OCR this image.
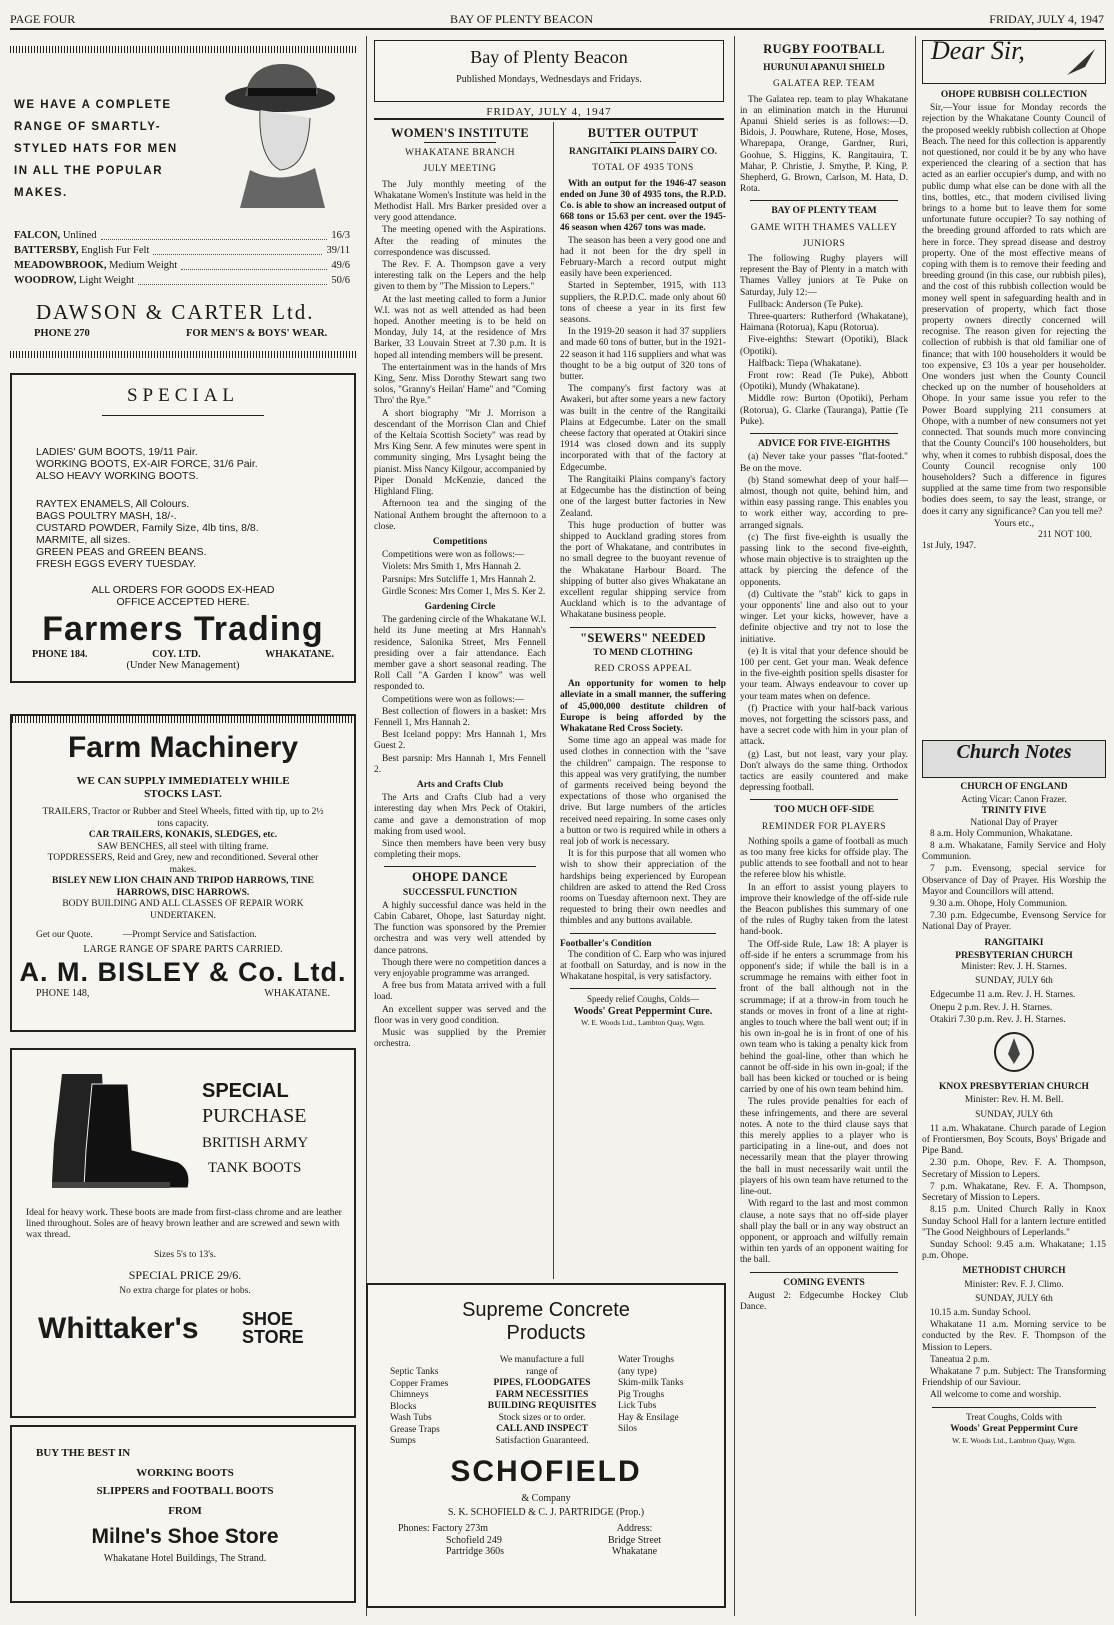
PAGE FOUR	BAY OF PLENTY BEACON	FRIDAY, JULY 4, 1947
WE HAVE A COMPLETE
RANGE OF SMARTLY-
STYLED HATS FOR MEN
IN ALL THE POPULAR
MAKES.
FALCON, Unlined	16/3
BATTERSBY, English Fur Felt	39/11
MEADOWBROOK, Medium Weight	49/6
WOODROW, Light Weight	50/6
DAWSON & CARTER Ltd.
PHONE 270	FOR MEN'S & BOYS' WEAR.
SPECIAL
LADIES' GUM BOOTS, 19/11 Pair.
WORKING BOOTS, EX-AIR FORCE, 31/6 Pair.
ALSO HEAVY WORKING BOOTS.
RAYTEX ENAMELS, All Colours.
BAGS POULTRY MASH, 18/-.
CUSTARD POWDER, Family Size, 4lb tins, 8/8.
MARMITE, all sizes.
GREEN PEAS and GREEN BEANS.
FRESH EGGS EVERY TUESDAY.
ALL ORDERS FOR GOODS EX-HEAD OFFICE ACCEPTED HERE.
Farmers Trading
PHONE 184.	COY. LTD.	WHAKATANE.
(Under New Management)
Farm Machinery
WE CAN SUPPLY IMMEDIATELY WHILE STOCKS LAST.
TRAILERS, Tractor or Rubber and Steel Wheels, fitted with tip, up to 2½ tons capacity.
CAR TRAILERS, KONAKIS, SLEDGES, etc.
SAW BENCHES, all steel with tilting frame.
TOPDRESSERS, Reid and Grey, new and reconditioned. Several other makes.
BISLEY NEW LION CHAIN AND TRIPOD HARROWS, TINE HARROWS, DISC HARROWS.
BODY BUILDING AND ALL CLASSES OF REPAIR WORK UNDERTAKEN.
Get our Quote.	—Prompt Service and Satisfaction.
LARGE RANGE OF SPARE PARTS CARRIED.
A. M. BISLEY & Co. Ltd.
PHONE 148,	WHAKATANE.
SPECIAL
PURCHASE
BRITISH ARMY
TANK BOOTS
Ideal for heavy work. These boots are made from first-class chrome and are leather lined throughout. Soles are of heavy brown leather and are screwed and sewn with wax thread.
Sizes 5's to 13's.
SPECIAL PRICE 29/6.
No extra charge for plates or hobs.
Whittaker's SHOE
STORE
BUY THE BEST IN
WORKING BOOTS
SLIPPERS and FOOTBALL BOOTS
FROM
Milne's Shoe Store
Whakatane Hotel Buildings, The Strand.
Bay of Plenty Beacon
Published Mondays, Wednesdays and Fridays.
FRIDAY, JULY 4, 1947
WOMEN'S INSTITUTE
WHAKATANE BRANCH
JULY MEETING

The July monthly meeting of the Whakatane Women's Institute was held in the Methodist Hall. Mrs Barker presided over a very good attendance.

The meeting opened with the Aspirations. After the reading of minutes the correspondence was discussed.

The Rev. F. A. Thompson gave a very interesting talk on the Lepers and the help given to them by "The Mission to Lepers."

At the last meeting called to form a Junior W.I. was not as well attended as had been hoped. Another meeting is to be held on Monday, July 14, at the residence of Mrs Barker, 33 Louvain Street at 7.30 p.m. It is hoped all intending members will be present.

The entertainment was in the hands of Mrs King, Senr. Miss Dorothy Stewart sang two solos, "Granny's Heilan' Hame" and "Coming Thro' the Rye."

A short biography "Mr J. Morrison a descendant of the Morrison Clan and Chief of the Keltaia Scottish Society" was read by Mrs King Senr. A few minutes were spent in community singing, Mrs Lysaght being the pianist. Miss Nancy Kilgour, accompanied by Piper Donald McKenzie, danced the Highland Fling.

Afternoon tea and the singing of the National Anthem brought the afternoon to a close.

Competitions

Competitions were won as follows:—

Violets: Mrs Smith 1, Mrs Hannah 2.

Parsnips: Mrs Sutcliffe 1, Mrs Hannah 2.

Girdle Scones: Mrs Comer 1, Mrs S. Ker 2.

Gardening Circle

The gardening circle of the Whakatane W.I. held its June meeting at Mrs Hannah's residence, Salonika Street, Mrs Fennell presiding over a fair attendance. Each member gave a short seasonal reading. The Roll Call "A Garden I know" was well responded to.

Competitions were won as follows:—

Best collection of flowers in a basket: Mrs Fennell 1, Mrs Hannah 2.

Best Iceland poppy: Mrs Hannah 1, Mrs Guest 2.

Best parsnip: Mrs Hannah 1, Mrs Fennell 2.

Arts and Crafts Club

The Arts and Crafts Club had a very interesting day when Mrs Peck of Otakiri, came and gave a demonstration of mop making from used wool.

Since then members have been very busy completing their mops.

OHOPE DANCE
SUCCESSFUL FUNCTION

A highly successful dance was held in the Cabin Cabaret, Ohope, last Saturday night. The function was sponsored by the Premier orchestra and was very well attended by dance patrons.

Though there were no competition dances a very enjoyable programme was arranged.

A free bus from Matata arrived with a full load.

An excellent supper was served and the floor was in very good condition.

Music was supplied by the Premier orchestra.

BUTTER OUTPUT
RANGITAIKI PLAINS DAIRY CO.
TOTAL OF 4935 TONS

With an output for the 1946-47 season ended on June 30 of 4935 tons, the R.P.D. Co. is able to show an increased output of 668 tons or 15.63 per cent. over the 1945-46 season when 4267 tons was made.

The season has been a very good one and had it not been for the dry spell in February-March a record output might easily have been experienced.

Started in September, 1915, with 113 suppliers, the R.P.D.C. made only about 60 tons of cheese a year in its first few seasons.

In the 1919-20 season it had 37 suppliers and made 60 tons of butter, but in the 1921-22 season it had 116 suppliers and what was thought to be a big output of 320 tons of butter.

The company's first factory was at Awakeri, but after some years a new factory was built in the centre of the Rangitaiki Plains at Edgecumbe. Later on the small cheese factory that operated at Otakiri since 1914 was closed down and its supply incorporated with that of the factory at Edgecumbe.

The Rangitaiki Plains company's factory at Edgecumbe has the distinction of being one of the largest butter factories in New Zealand.

This huge production of butter was shipped to Auckland grading stores from the port of Whakatane, and contributes in no small degree to the buoyant revenue of the Whakatane Harbour Board. The shipping of butter also gives Whakatane an excellent regular shipping service from Auckland which is to the advantage of Whakatane business people.

"SEWERS" NEEDED
TO MEND CLOTHING
RED CROSS APPEAL

An opportunity for women to help alleviate in a small manner, the suffering of 45,000,000 destitute children of Europe is being afforded by the Whakatane Red Cross Society.

Some time ago an appeal was made for used clothes in connection with the "save the children" campaign. The response to this appeal was very gratifying, the number of garments received being beyond the expectations of those who organised the drive. But large numbers of the articles received need repairing. In some cases only a button or two is required while in others a real job of work is necessary.

It is for this purpose that all women who wish to show their appreciation of the hardships being experienced by European children are asked to attend the Red Cross rooms on Tuesday afternoon next. They are requested to bring their own needles and thimbles and any buttons available.

Footballer's Condition

The condition of C. Earp who was injured at football on Saturday, and is now in the Whakatane hospital, is very satisfactory.

Speedy relief Coughs, Colds—
Woods' Great Peppermint Cure.
W. E. Woods Ltd., Lambton Quay, Wgtn.
Supreme Concrete
Products
Septic Tanks
Copper Frames
Chimneys
Blocks
Wash Tubs
Grease Traps
Sumps
We manufacture a full
range of
PIPES, FLOODGATES
FARM NECESSITIES
BUILDING REQUISITES
Stock sizes or to order.
CALL AND INSPECT
Satisfaction Guaranteed.
Water Troughs
(any type)
Skim-milk Tanks
Pig Troughs
Lick Tubs
Hay & Ensilage
Silos
SCHOFIELD
& Company
S. K. SCHOFIELD & C. J. PARTRIDGE (Prop.)
Phones: Factory 273m
Schofield 249
Partridge 360s
Address:
Bridge Street
Whakatane
RUGBY FOOTBALL
HURUNUI APANUI SHIELD
GALATEA REP. TEAM

The Galatea rep. team to play Whakatane in an elimination match in the Hurunui Apanui Shield series is as follows:—D. Bidois, J. Pouwhare, Rutene, Hose, Moses, Wharepapa, Orange, Gardner, Ruri, Goohue, S. Higgins, K. Rangitauira, T. Mahar, P. Christie, J. Smythe, P. King, P. Shepherd, G. Brown, Carlson, M. Hata, D. Rota.

BAY OF PLENTY TEAM
GAME WITH THAMES VALLEY
JUNIORS

The following Rugby players will represent the Bay of Plenty in a match with Thames Valley juniors at Te Puke on Saturday, July 12:—

Fullback: Anderson (Te Puke).

Three-quarters: Rutherford (Whakatane), Haimana (Rotorua), Kapu (Rotorua).

Five-eighths: Stewart (Opotiki), Black (Opotiki).

Halfback: Tiepa (Whakatane).

Front row: Read (Te Puke), Abbott (Opotiki), Mundy (Whakatane).

Middle row: Burton (Opotiki), Perham (Rotorua), G. Clarke (Tauranga), Pattie (Te Puke).

ADVICE FOR FIVE-EIGHTHS

(a) Never take your passes "flat-footed." Be on the move.

(b) Stand somewhat deep of your half—almost, though not quite, behind him, and within easy passing range. This enables you to work either way, according to pre-arranged signals.

(c) The first five-eighth is usually the passing link to the second five-eighth, whose main objective is to straighten up the attack by piercing the defence of the opponents.

(d) Cultivate the "stab" kick to gaps in your opponents' line and also out to your winger. Let your kicks, however, have a definite objective and try not to lose the initiative.

(e) It is vital that your defence should be 100 per cent. Get your man. Weak defence in the five-eighth position spells disaster for your team. Always endeavour to cover up your team mates when on defence.

(f) Practice with your half-back various moves, not forgetting the scissors pass, and have a secret code with him in your plan of attack.

(g) Last, but not least, vary your play. Don't always do the same thing. Orthodox tactics are easily countered and make depressing football.

TOO MUCH OFF-SIDE
REMINDER FOR PLAYERS

Nothing spoils a game of football as much as too many free kicks for offside play. The public attends to see football and not to hear the referee blow his whistle.

In an effort to assist young players to improve their knowledge of the off-side rule the Beacon publishes this summary of one of the rules of Rugby taken from the latest hand-book.

The Off-side Rule, Law 18: A player is off-side if he enters a scrummage from his opponent's side; if while the ball is in a scrummage he remains with either foot in front of the ball although not in the scrummage; if at a throw-in from touch he stands or moves in front of a line at right-angles to touch where the ball went out; if in his own in-goal he is in front of one of his own team who is taking a penalty kick from behind the goal-line, other than which he cannot be off-side in his own in-goal; if the ball has been kicked or touched or is being carried by one of his own team behind him.

The rules provide penalties for each of these infringements, and there are several notes. A note to the third clause says that this merely applies to a player who is participating in a line-out, and does not necessarily mean that the player throwing the ball in must necessarily wait until the players of his own team have returned to the line-out.

With regard to the last and most common clause, a note says that no off-side player shall play the ball or in any way obstruct an opponent, or approach and wilfully remain within ten yards of an opponent waiting for the ball.

COMING EVENTS

August 2: Edgecumbe Hockey Club Dance.

Dear Sir,
OHOPE RUBBISH COLLECTION

Sir,—Your issue for Monday records the rejection by the Whakatane County Council of the proposed weekly rubbish collection at Ohope Beach. The need for this collection is apparently not questioned, nor could it be by any who have experienced the clearing of a section that has acted as an earlier occupier's dump, and with no public dump what else can be done with all the tins, bottles, etc., that modern civilised living brings to a home but to leave them for some unfortunate future occupier? To say nothing of the breeding ground afforded to rats which are here in force. They spread disease and destroy property. One of the most effective means of coping with them is to remove their feeding and breeding ground (in this case, our rubbish piles), and the cost of this rubbish collection would be money well spent in safeguarding health and in preservation of property, which fact those property owners directly concerned will recognise. The reason given for rejecting the collection of rubbish is that old familiar one of finance; that with 100 householders it would be too expensive, £3 10s a year per householder. One wonders just when the County Council checked up on the number of householders at Ohope. In your same issue you refer to the Power Board supplying 211 consumers at Ohope, with a number of new consumers not yet connected. That sounds much more convincing that the County Council's 100 householders, but why, when it comes to rubbish disposal, does the County Council recognise only 100 householders? Such a difference in figures supplied at the same time from two responsible bodies does seem, to say the least, strange, or does it carry any significance? Can you tell me?

Yours etc.,
211 NOT 100.
1st July, 1947.
Church Notes
CHURCH OF ENGLAND
Acting Vicar: Canon Frazer.
TRINITY FIVE
National Day of Prayer

8 a.m. Holy Communion, Whakatane.

8 a.m. Whakatane, Family Service and Holy Communion.

7 p.m. Evensong, special service for Observance of Day of Prayer. His Worship the Mayor and Councillors will attend.

9.30 a.m. Ohope, Holy Communion.

7.30 p.m. Edgecumbe, Evensong Service for National Day of Prayer.

RANGITAIKI
PRESBYTERIAN CHURCH
Minister: Rev. J. H. Starnes.
SUNDAY, JULY 6th

Edgecumbe 11 a.m. Rev. J. H. Starnes.

Onepu 2 p.m. Rev. J. H. Starnes.

Otakiri 7.30 p.m. Rev. J. H. Starnes.

KNOX PRESBYTERIAN CHURCH
Minister: Rev. H. M. Bell.
SUNDAY, JULY 6th

11 a.m. Whakatane. Church parade of Legion of Frontiersmen, Boy Scouts, Boys' Brigade and Pipe Band.

2.30 p.m. Ohope, Rev. F. A. Thompson, Secretary of Mission to Lepers.

7 p.m. Whakatane, Rev. F. A. Thompson, Secretary of Mission to Lepers.

8.15 p.m. United Church Rally in Knox Sunday School Hall for a lantern lecture entitled "The Good Neighbours of Leperlands."

Sunday School: 9.45 a.m. Whakatane; 1.15 p.m. Ohope.

METHODIST CHURCH
Minister: Rev. F. J. Climo.
SUNDAY, JULY 6th

10.15 a.m. Sunday School.

Whakatane 11 a.m. Morning service to be conducted by the Rev. F. Thompson of the Mission to Lepers.

Taneatua 2 p.m.

Whakatane 7 p.m. Subject: The Transforming Friendship of our Saviour.

All welcome to come and worship.

Treat Coughs, Colds with
Woods' Great Peppermint Cure
W. E. Woods Ltd., Lambton Quay, Wgtn.
